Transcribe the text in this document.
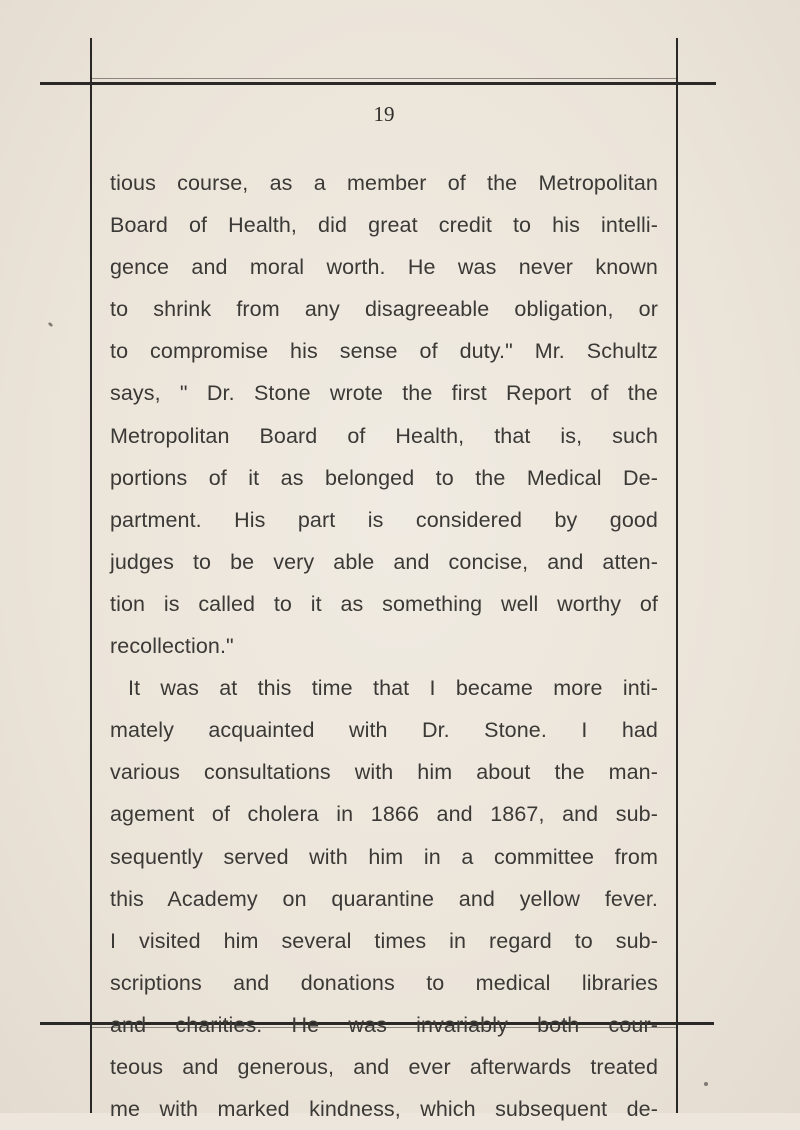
19
tious course, as a member of the Metropolitan
Board of Health, did great credit to his intelli-
gence and moral worth. He was never known
to shrink from any disagreeable obligation, or
to compromise his sense of duty." Mr. Schultz
says, " Dr. Stone wrote the first Report of the
Metropolitan Board of Health, that is, such
portions of it as belonged to the Medical De-
partment. His part is considered by good
judges to be very able and concise, and atten-
tion is called to it as something well worthy of
recollection."
It was at this time that I became more inti-
mately acquainted with Dr. Stone. I had
various consultations with him about the man-
agement of cholera in 1866 and 1867, and sub-
sequently served with him in a committee from
this Academy on quarantine and yellow fever.
I visited him several times in regard to sub-
scriptions and donations to medical libraries
and charities. He was invariably both cour-
teous and generous, and ever afterwards treated
me with marked kindness, which subsequent de-
